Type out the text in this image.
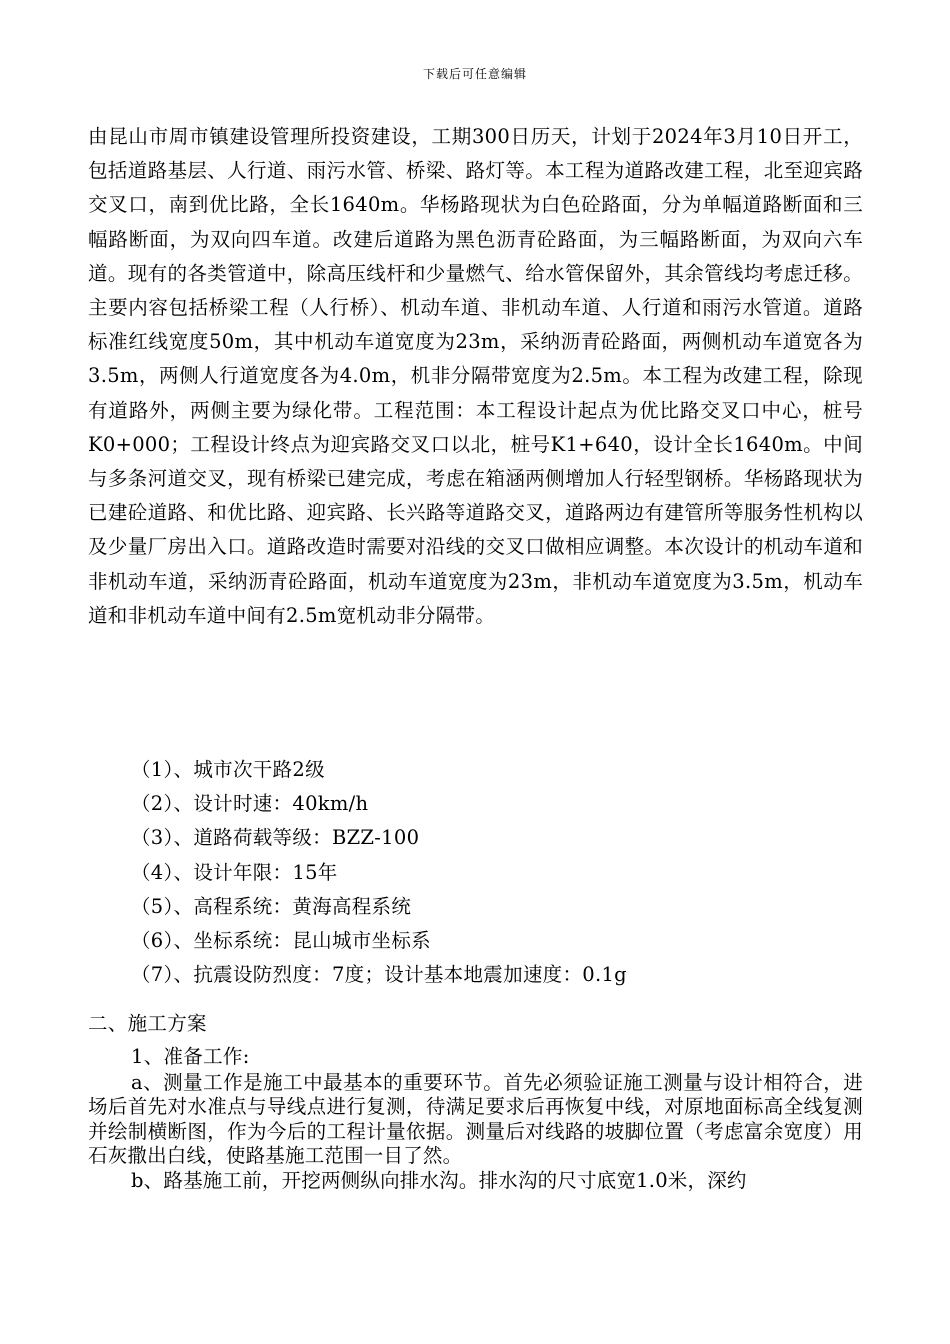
下载后可任意编辑

由昆山市周市镇建设管理所投资建设，工期300日历天，计划于2024年3月10日开工，包括道路基层、人行道、雨污水管、桥梁、路灯等。本工程为道路改建工程，北至迎宾路交叉口，南到优比路，全长1640m。华杨路现状为白色砼路面，分为单幅道路断面和三幅路断面，为双向四车道。改建后道路为黑色沥青砼路面，为三幅路断面，为双向六车道。现有的各类管道中，除高压线杆和少量燃气、给水管保留外，其余管线均考虑迁移。主要内容包括桥梁工程（人行桥）、机动车道、非机动车道、人行道和雨污水管道。道路标准红线宽度50m，其中机动车道宽度为23m，采纳沥青砼路面，两侧机动车道宽各为3.5m，两侧人行道宽度各为4.0m，机非分隔带宽度为2.5m。本工程为改建工程，除现有道路外，两侧主要为绿化带。工程范围：本工程设计起点为优比路交叉口中心，桩号K0+000；工程设计终点为迎宾路交叉口以北，桩号K1+640，设计全长1640m。中间与多条河道交叉，现有桥梁已建完成，考虑在箱涵两侧增加人行轻型钢桥。华杨路现状为已建砼道路、和优比路、迎宾路、长兴路等道路交叉，道路两边有建管所等服务性机构以及少量厂房出入口。道路改造时需要对沿线的交叉口做相应调整。本次设计的机动车道和非机动车道，采纳沥青砼路面，机动车道宽度为23m，非机动车道宽度为3.5m，机动车道和非机动车道中间有2.5m宽机动非分隔带。

（1）、城市次干路2级
（2）、设计时速：40km/h
（3）、道路荷载等级：BZZ-100
（4）、设计年限：15年
（5）、高程系统：黄海高程系统
（6）、坐标系统：昆山城市坐标系
（7）、抗震设防烈度：7度；设计基本地震加速度：0.1g
二、施工方案
1、准备工作:

a、测量工作是施工中最基本的重要环节。首先必须验证施工测量与设计相符合，进场后首先对水准点与导线点进行复测，待满足要求后再恢复中线，对原地面标高全线复测并绘制横断图，作为今后的工程计量依据。测量后对线路的坡脚位置（考虑富余宽度）用石灰撒出白线，使路基施工范围一目了然。

b、路基施工前，开挖两侧纵向排水沟。排水沟的尺寸底宽1.0米，深约
